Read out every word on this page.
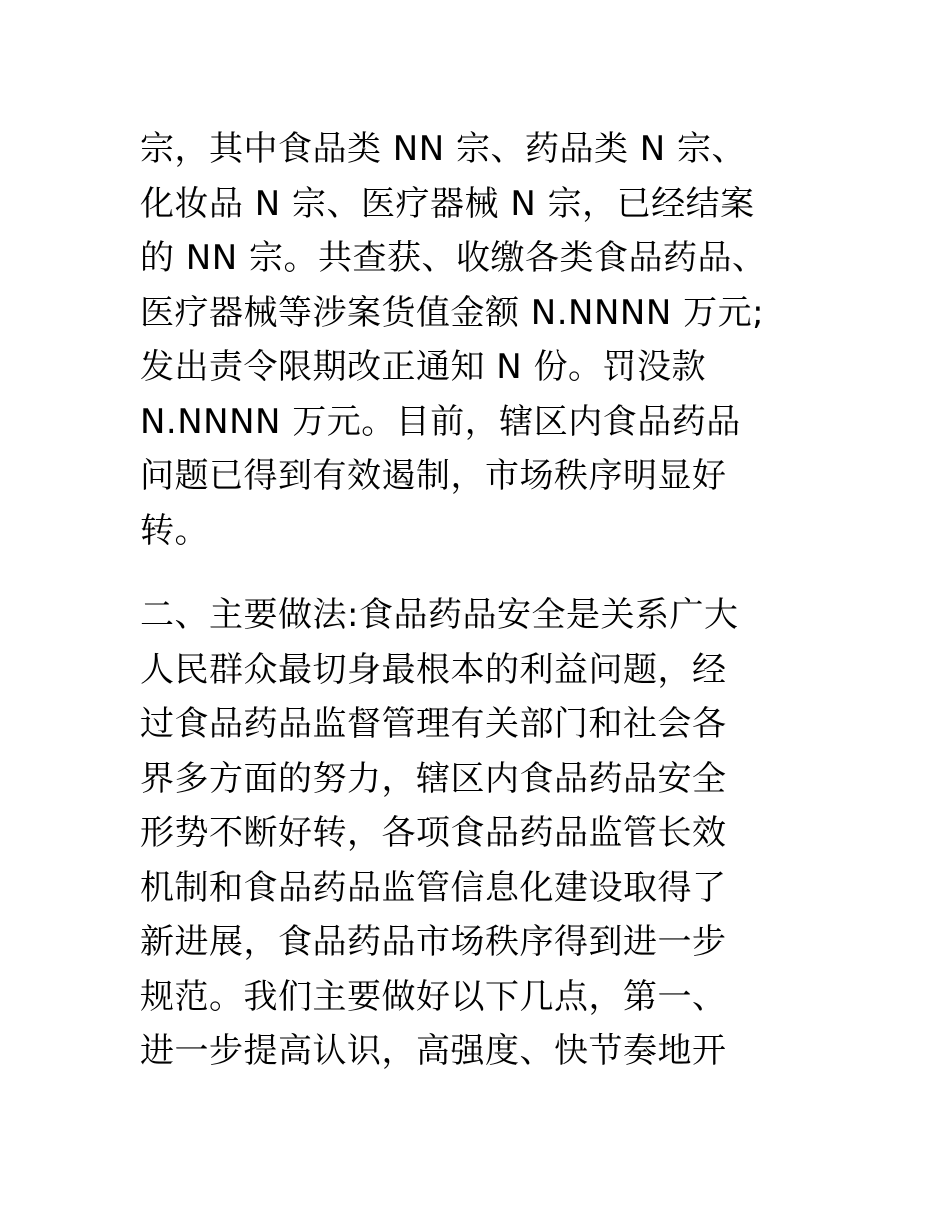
宗，其中食品类 NN 宗、药品类 N 宗、
化妆品 N 宗、医疗器械 N 宗，已经结案
的 NN 宗。共查获、收缴各类食品药品、
医疗器械等涉案货值金额 N.NNNN 万元;
发出责令限期改正通知 N 份。罚没款
N.NNNN 万元。目前，辖区内食品药品
问题已得到有效遏制，市场秩序明显好
转。
二、主要做法:食品药品安全是关系广大
人民群众最切身最根本的利益问题，经
过食品药品监督管理有关部门和社会各
界多方面的努力，辖区内食品药品安全
形势不断好转，各项食品药品监管长效
机制和食品药品监管信息化建设取得了
新进展，食品药品市场秩序得到进一步
规范。我们主要做好以下几点，第一、
进一步提高认识，高强度、快节奏地开
